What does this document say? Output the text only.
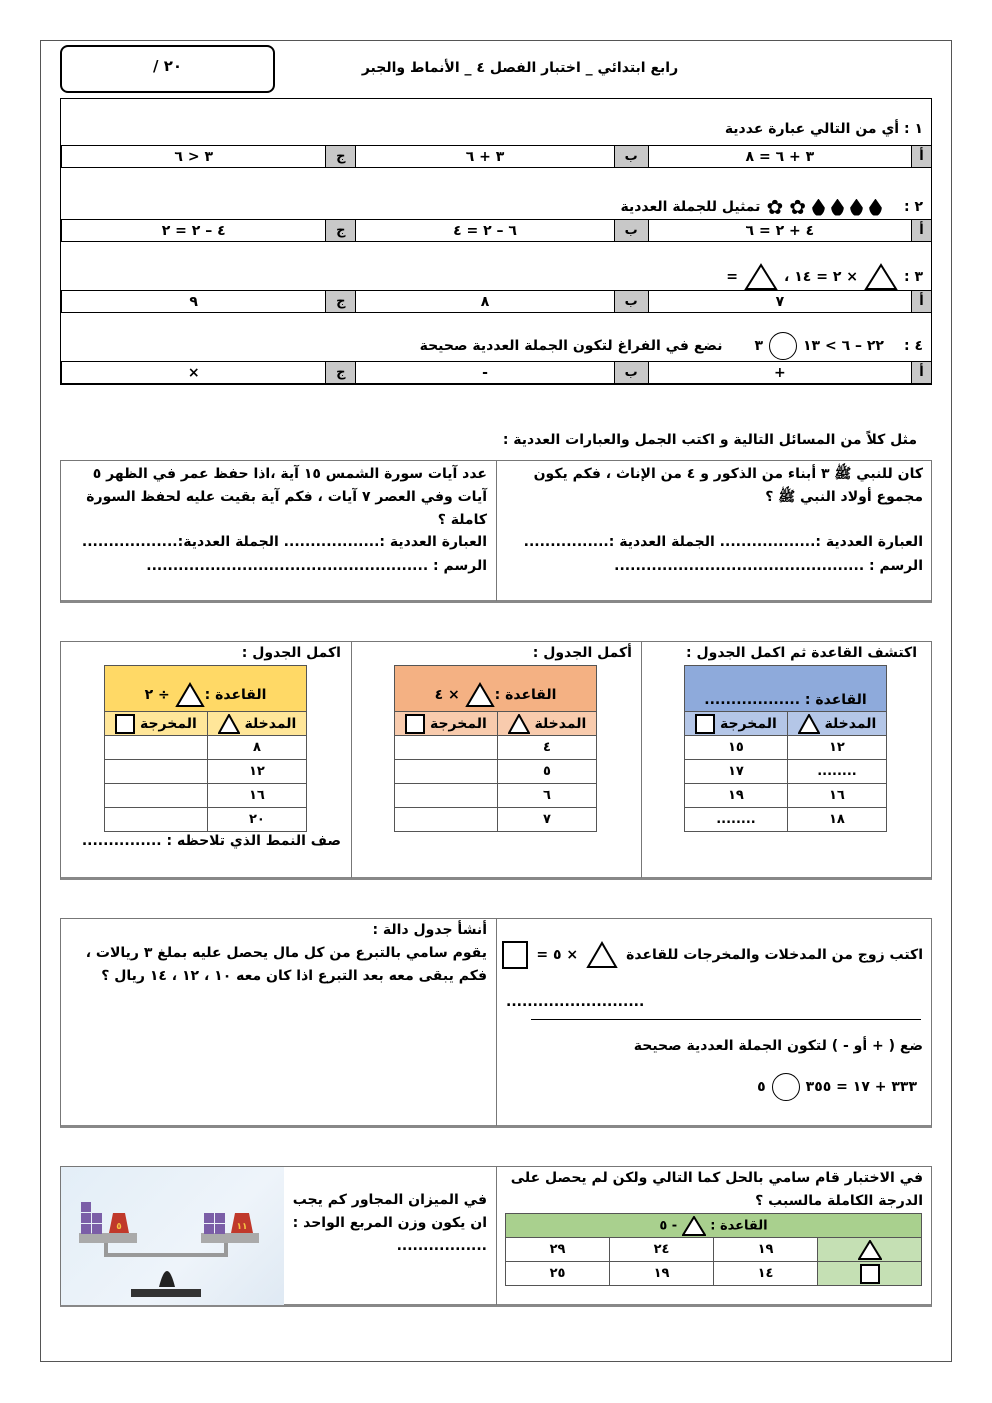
٢٠ /	رابع ابتدائي _ اختبار الفصل ٤ _ الأنماط والجبر
١ : أي من التالي عبارة عددية
أ
٣ + ٦ = ٨
ب
٣ + ٦
ج
٣ < ٦
٢ :
✿
✿
تمثيل للجملة العددية
أ
٤ + ٢ = ٦
ب
٦ – ٢ = ٤
ج
٤ – ٢ = ٢
٣ :
× ٢ = ١٤ ،
=
أ
٧
ب
٨
ج
٩
٤ :
٢٢ – ٦ > ١٣
٣
نضع في الفراغ لتكون الجملة العددية صحيحة
أ
+
ب
-
ج
×
مثل كلاً من المسائل التالية و اكتب الجمل والعبارات العددية :
كان للنبي ﷺ ٣ أبناء من الذكور و ٤ من الإناث ، فكم يكون مجموع أولاد النبي ﷺ ؟
العبارة العددية :.................. الجملة العددية :................
الرسم : ...............................................
عدد آيات سورة الشمس ١٥ آية ،اذا حفظ عمر في الظهر ٥ آيات وفي العصر ٧ آيات ، فكم آية بقيت عليه لحفظ السورة كاملة ؟
العبارة العددية :.................. الجملة العددية:..................
الرسم : .....................................................
اكتشف القاعدة ثم اكمل الجدول :
أكمل الجدول :
اكمل الجدول :
صف النمط الذي تلاحظه : ...............
القاعدة : ..................	
المدخلة	المخرجة
١٢	١٥
........	١٧
١٦	١٩
١٨	........
القاعدة : × ٤	
المدخلة	المخرجة
٤	
٥	
٦	
٧	
القاعدة : ÷ ٢	
المدخلة	المخرجة
٨	
١٢	
١٦	
٢٠	
اكتب زوج من المدخلات والمخرجات للقاعدة
× ٥ =
..........................
ضع ( + أو - ) لتكون الجملة العددية صحيحة
٣٣٣ + ١٧ = ٣٥٥
٥
أنشأ جدول دالة :
يقوم سامي بالتبرع من كل مال يحصل عليه بملغ ٣ ريالات ، فكم يبقى معه بعد التبرع اذا كان معه ١٠ ، ١٢ ، ١٤ ريال ؟
في الاختبار قام سامي بالحل كما التالي ولكن لم يحصل على الدرجة الكاملة مالسبب ؟
في الميزان المجاور كم يجب ان يكون وزن المربع الواحد : .................
٥	١١	القاعدة :  - ٥			
	١٩	٢٤	٢٩
	١٤	١٩	٢٥
